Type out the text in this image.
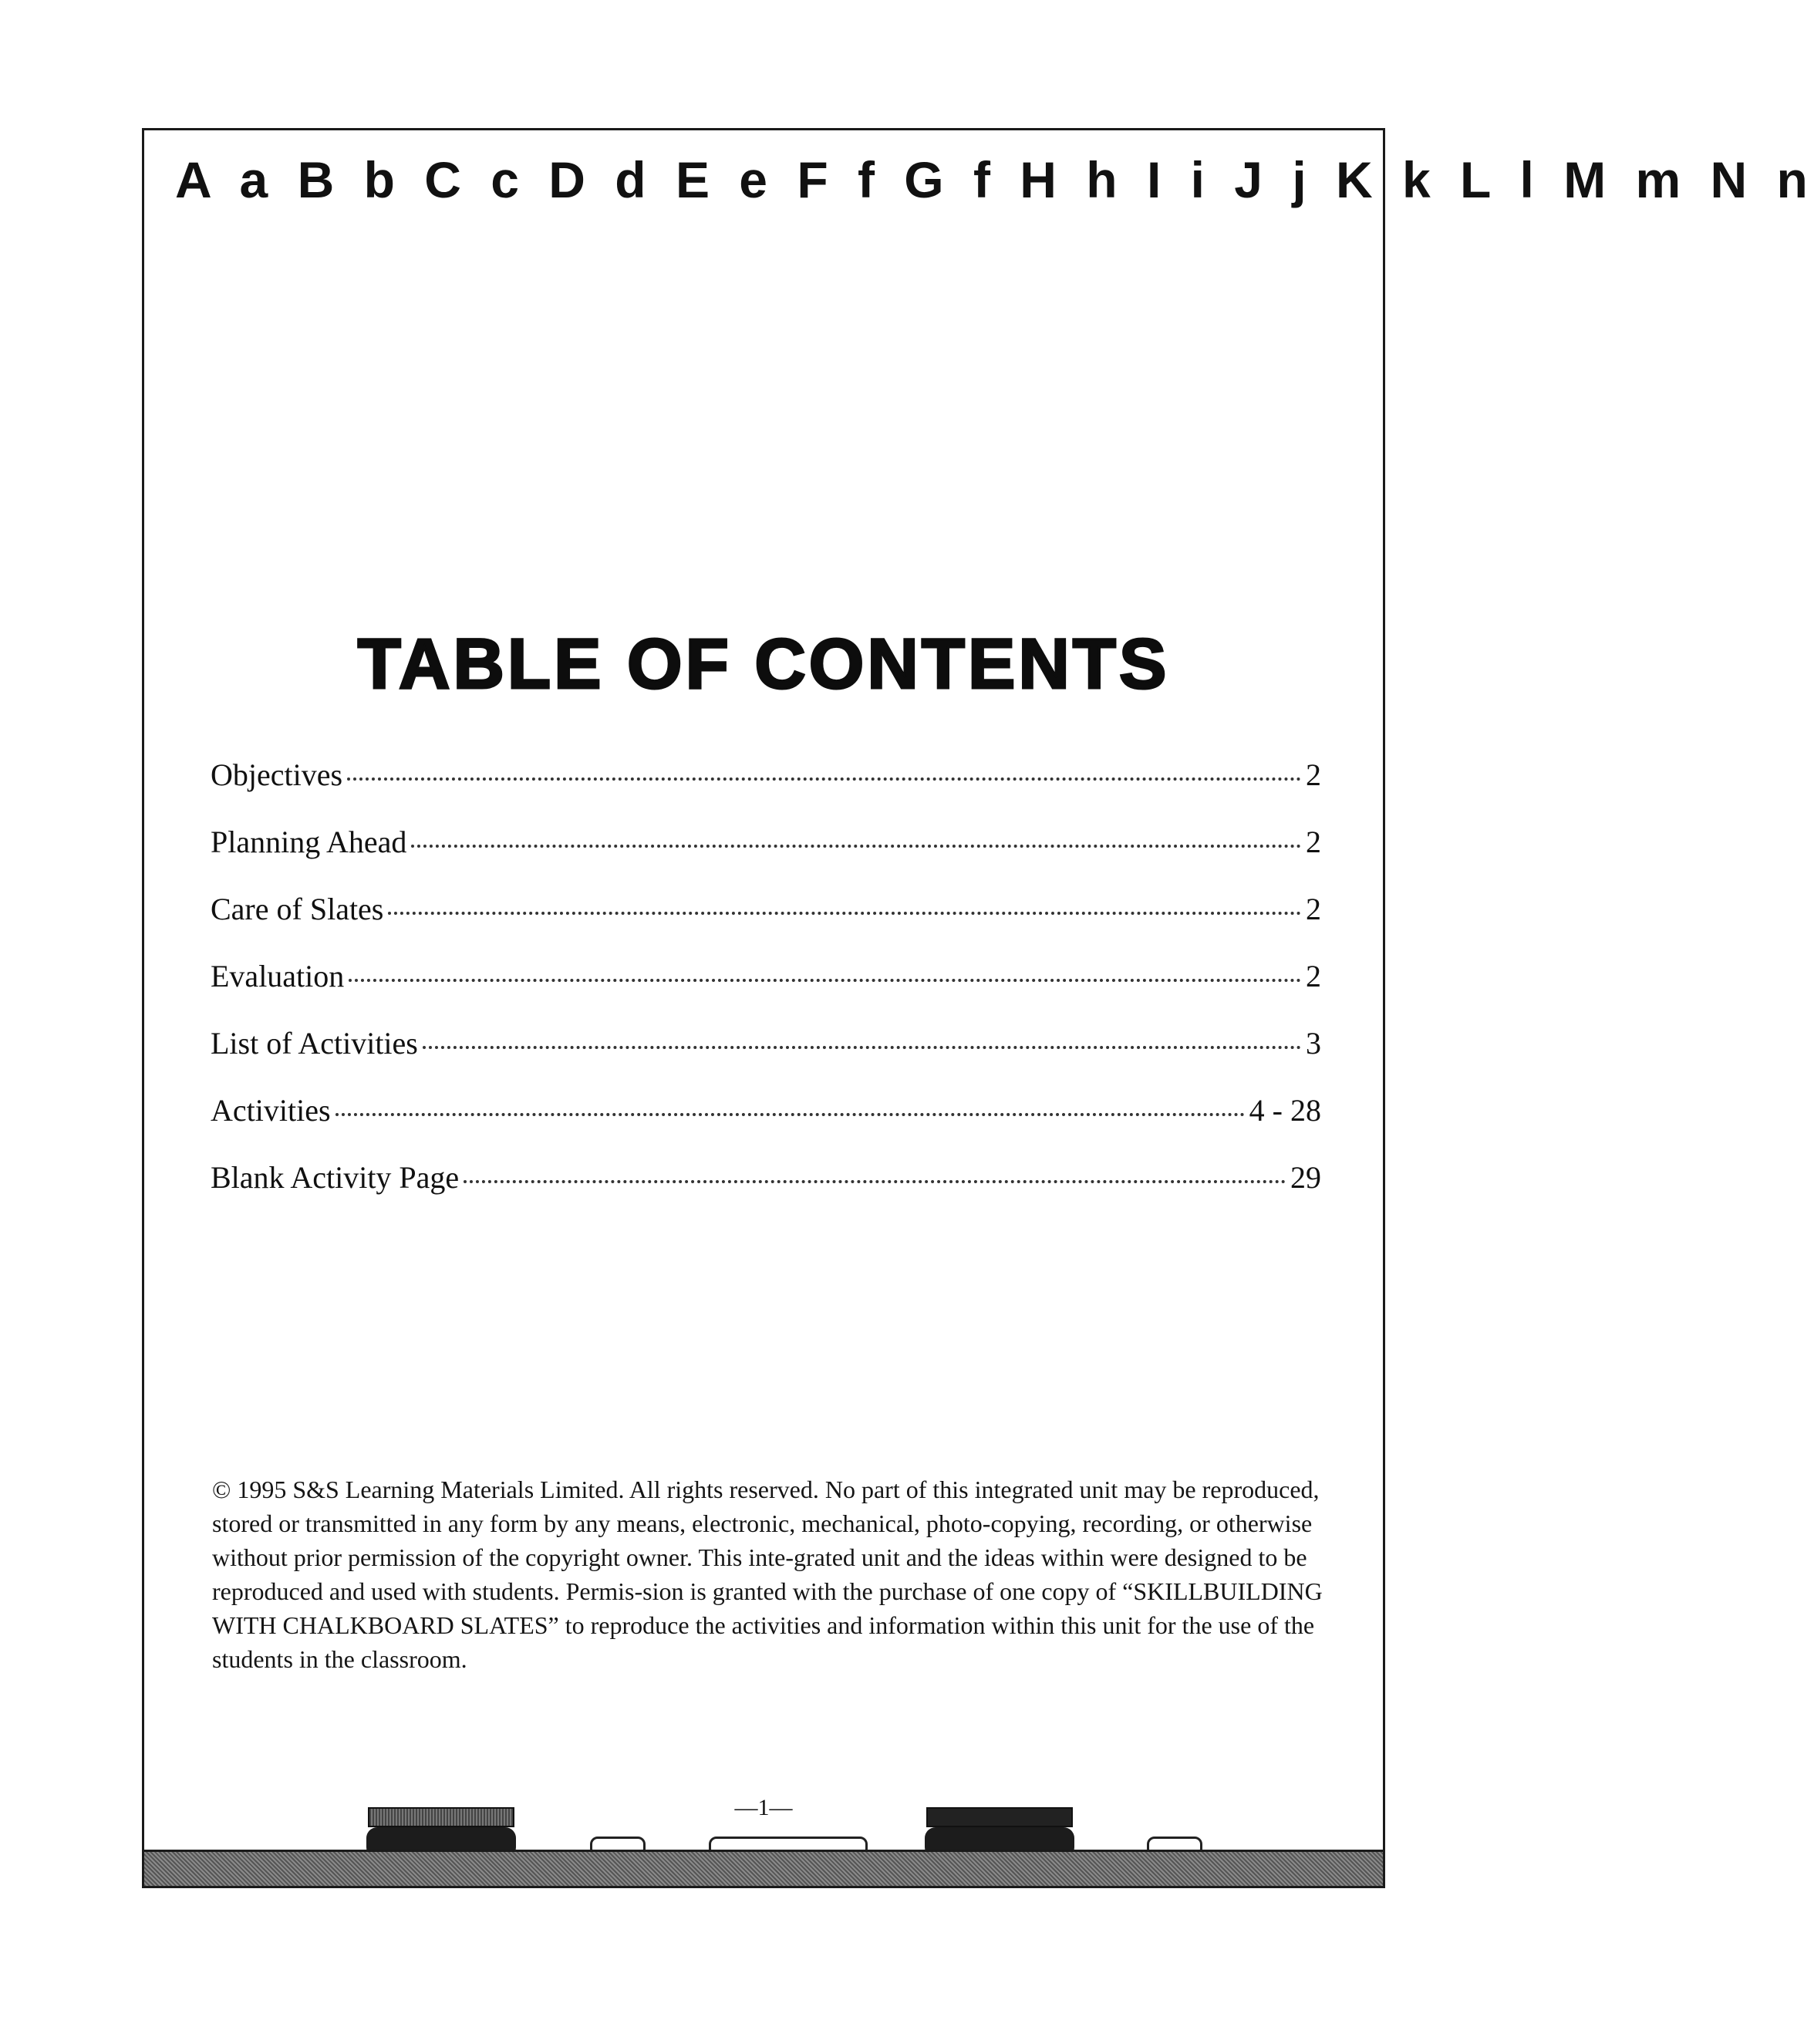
A a B b C c D d E e F f G f H h I i J j K k L l M m N n
TABLE OF CONTENTS
Objectives	2
Planning Ahead	2
Care of Slates	2
Evaluation	2
List of Activities	3
Activities	4 - 28
Blank Activity Page	29
© 1995 S&S Learning Materials Limited. All rights reserved. No part of this integrated unit may be reproduced, stored or transmitted in any form by any means, electronic, mechanical, photo-copying, recording, or otherwise without prior permission of the copyright owner. This inte-grated unit and the ideas within were designed to be reproduced and used with students. Permis-sion is granted with the purchase of one copy of “SKILLBUILDING WITH CHALKBOARD SLATES” to reproduce the activities and information within this unit for the use of the students in the classroom.
—1—
